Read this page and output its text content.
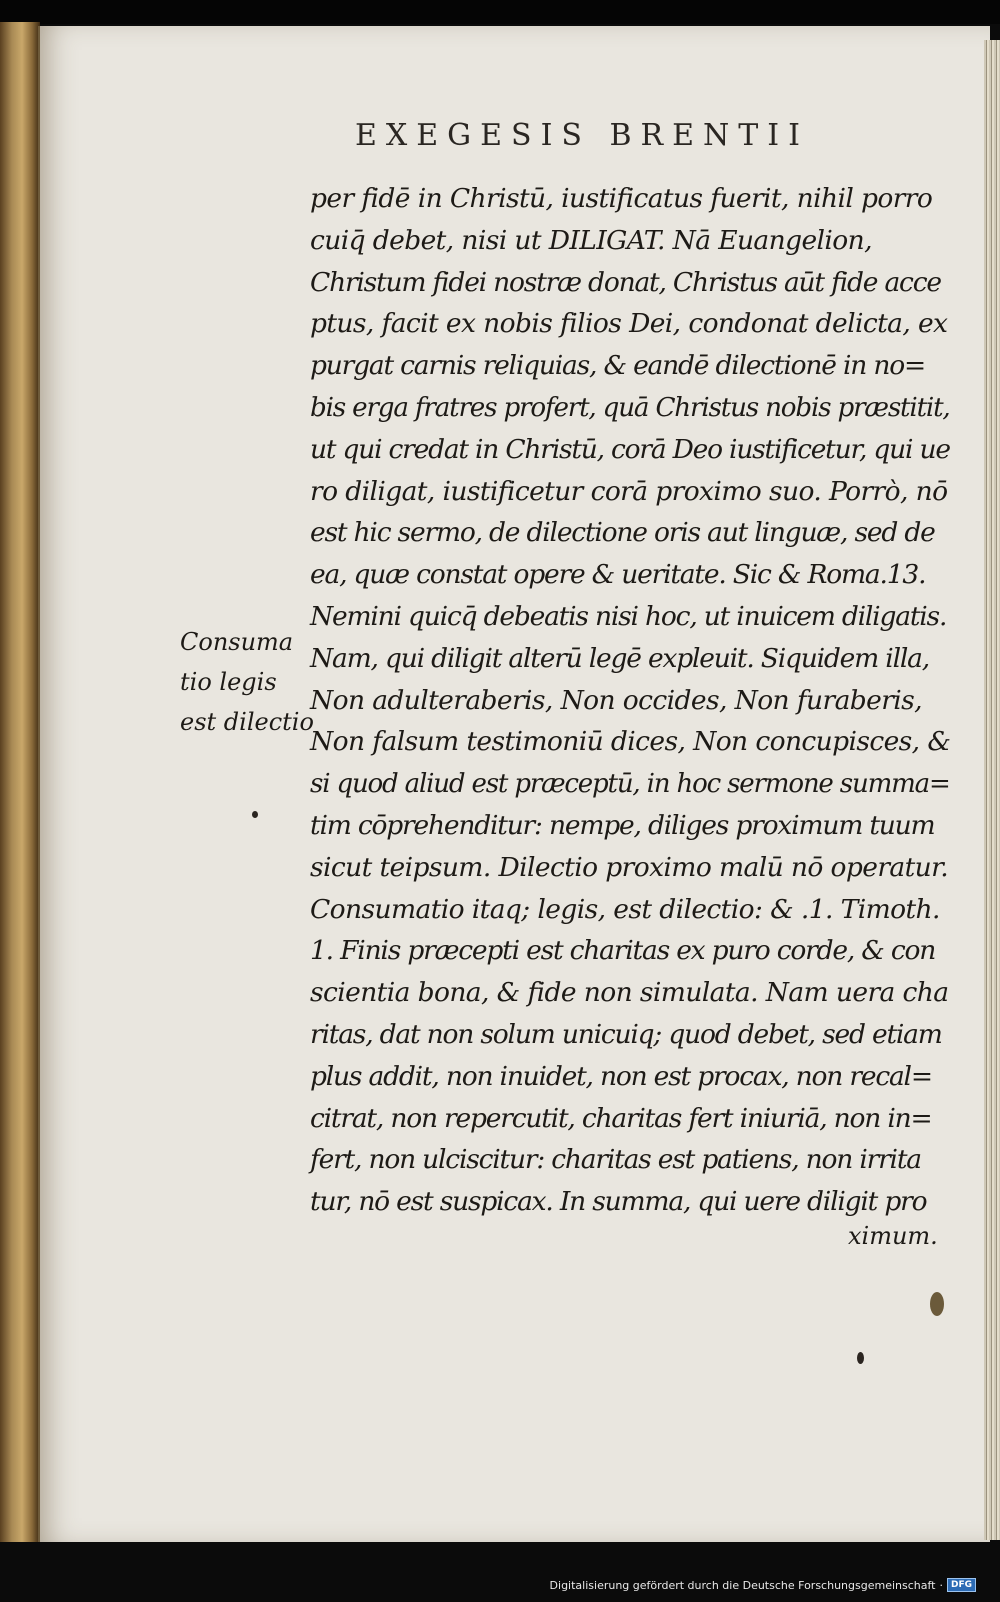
EXEGESIS BRENTII
per fidē in Christū, iustificatus fuerit, nihil porro
cuiq̄ debet, nisi ut DILIGAT. Nā Euangelion,
Christum fidei nostræ donat, Christus aūt fide acce
ptus, facit ex nobis filios Dei, condonat delicta, ex
purgat carnis reliquias, & eandē dilectionē in no=
bis erga fratres profert, quā Christus nobis præstitit,
ut qui credat in Christū, corā Deo iustificetur, qui ue
ro diligat, iustificetur corā proximo suo. Porrò, nō
est hic sermo, de dilectione oris aut linguæ, sed de
ea, quæ constat opere & ueritate. Sic & Roma.13.
Nemini quicq̄ debeatis nisi hoc, ut inuicem diligatis.
Nam, qui diligit alterū legē expleuit. Siquidem illa,
Non adulteraberis, Non occides, Non furaberis,
Non falsum testimoniū dices, Non concupisces, &
si quod aliud est præceptū, in hoc sermone summa=
tim cōprehenditur: nempe, diliges proximum tuum
sicut teipsum. Dilectio proximo malū nō operatur.
Consumatio itaq; legis, est dilectio: & .1. Timoth.
1. Finis præcepti est charitas ex puro corde, & con
scientia bona, & fide non simulata. Nam uera cha
ritas, dat non solum unicuiq; quod debet, sed etiam
plus addit, non inuidet, non est procax, non recal=
citrat, non repercutit, charitas fert iniuriā, non in=
fert, non ulciscitur: charitas est patiens, non irrita
tur, nō est suspicax. In summa, qui uere diligit pro
ximum.
Consuma
tio legis
est dilectio
Digitalisierung gefördert durch die Deutsche Forschungsgemeinschaft · DFG
